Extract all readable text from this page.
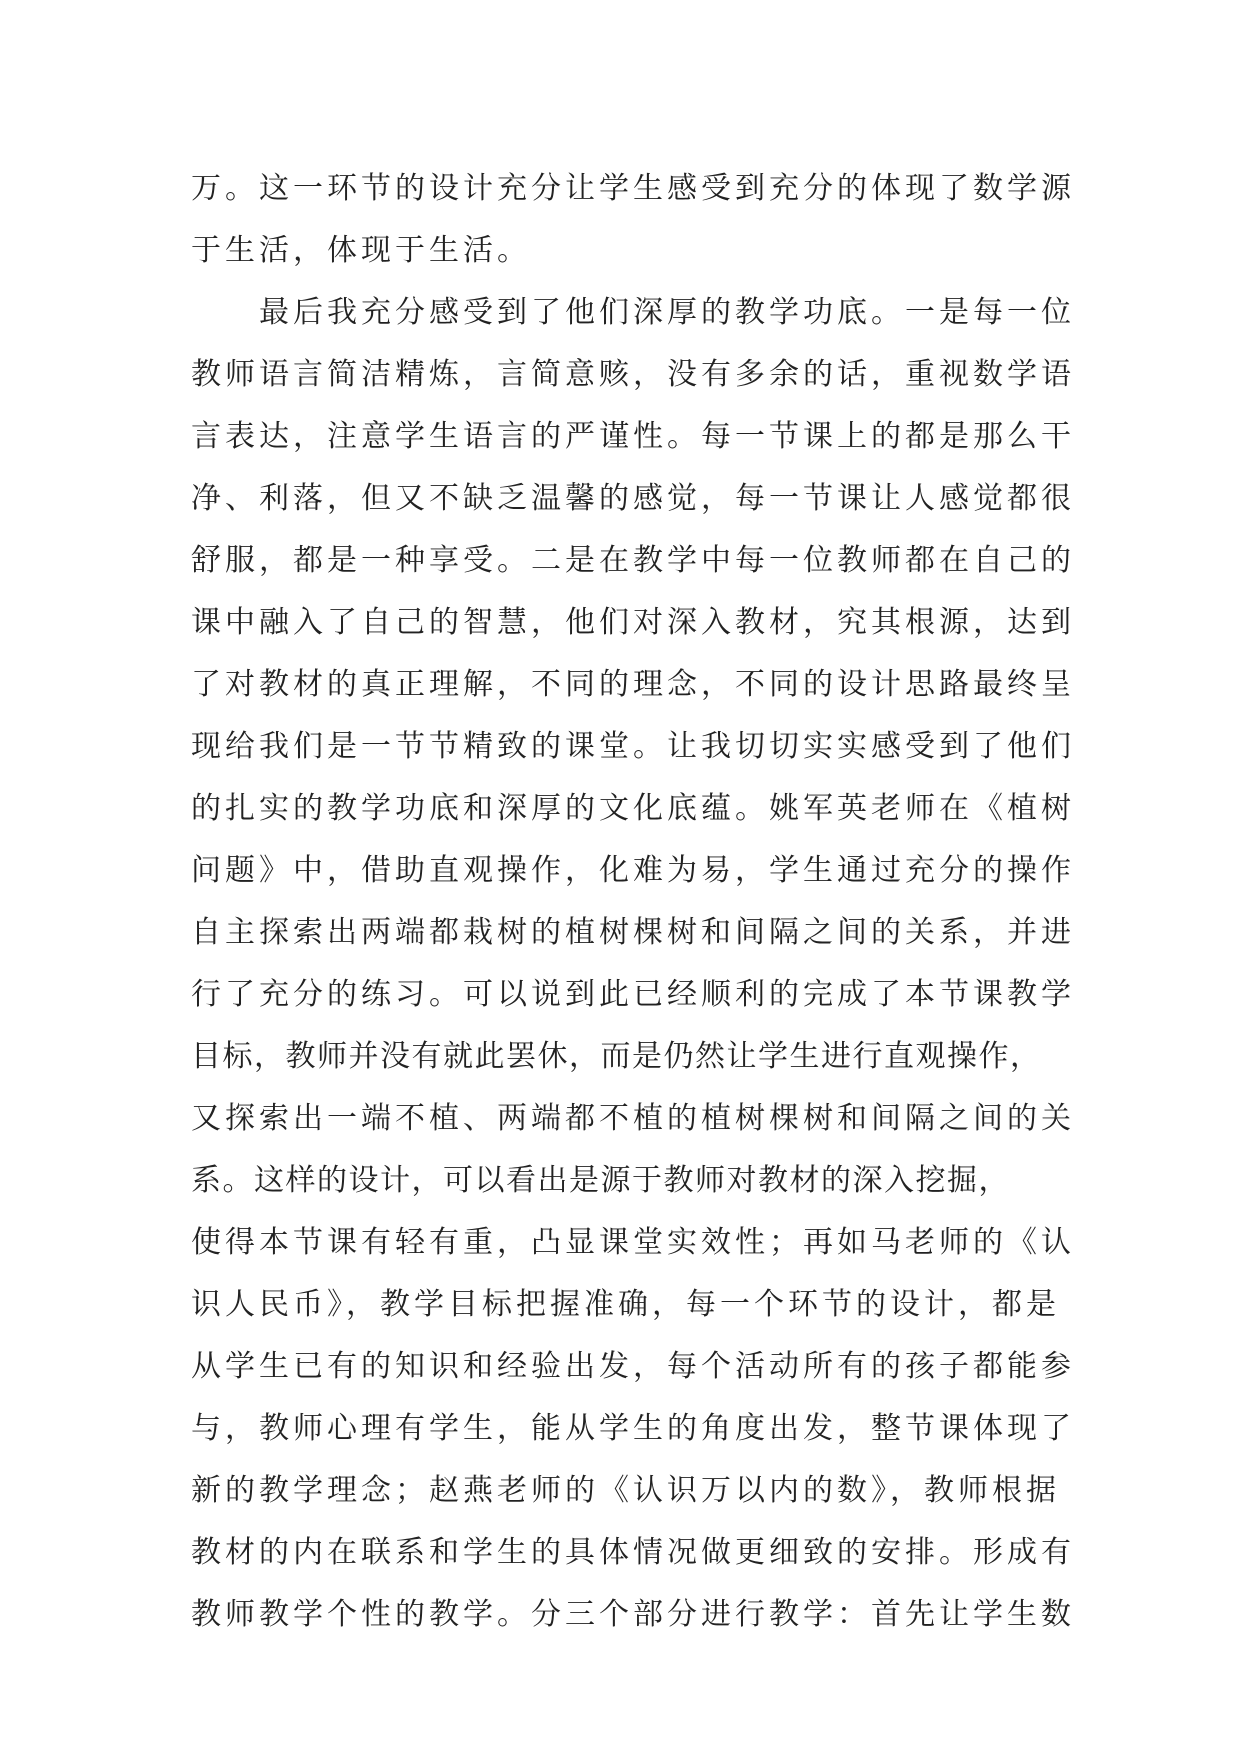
万。这一环节的设计充分让学生感受到充分的体现了数学源
于生活，体现于生活。
最后我充分感受到了他们深厚的教学功底。一是每一位
教师语言简洁精炼，言简意赅，没有多余的话，重视数学语
言表达，注意学生语言的严谨性。每一节课上的都是那么干
净、利落，但又不缺乏温馨的感觉，每一节课让人感觉都很
舒服，都是一种享受。二是在教学中每一位教师都在自己的
课中融入了自己的智慧，他们对深入教材，究其根源，达到
了对教材的真正理解，不同的理念，不同的设计思路最终呈
现给我们是一节节精致的课堂。让我切切实实感受到了他们
的扎实的教学功底和深厚的文化底蕴。姚军英老师在《植树
问题》中，借助直观操作，化难为易，学生通过充分的操作
自主探索出两端都栽树的植树棵树和间隔之间的关系，并进
行了充分的练习。可以说到此已经顺利的完成了本节课教学
目标，教师并没有就此罢休，而是仍然让学生进行直观操作，
又探索出一端不植、两端都不植的植树棵树和间隔之间的关
系。这样的设计，可以看出是源于教师对教材的深入挖掘，
使得本节课有轻有重，凸显课堂实效性；再如马老师的《认
识人民币》，教学目标把握准确，每一个环节的设计，都是
从学生已有的知识和经验出发，每个活动所有的孩子都能参
与，教师心理有学生，能从学生的角度出发，整节课体现了
新的教学理念；赵燕老师的《认识万以内的数》，教师根据
教材的内在联系和学生的具体情况做更细致的安排。形成有
教师教学个性的教学。分三个部分进行教学：首先让学生数
